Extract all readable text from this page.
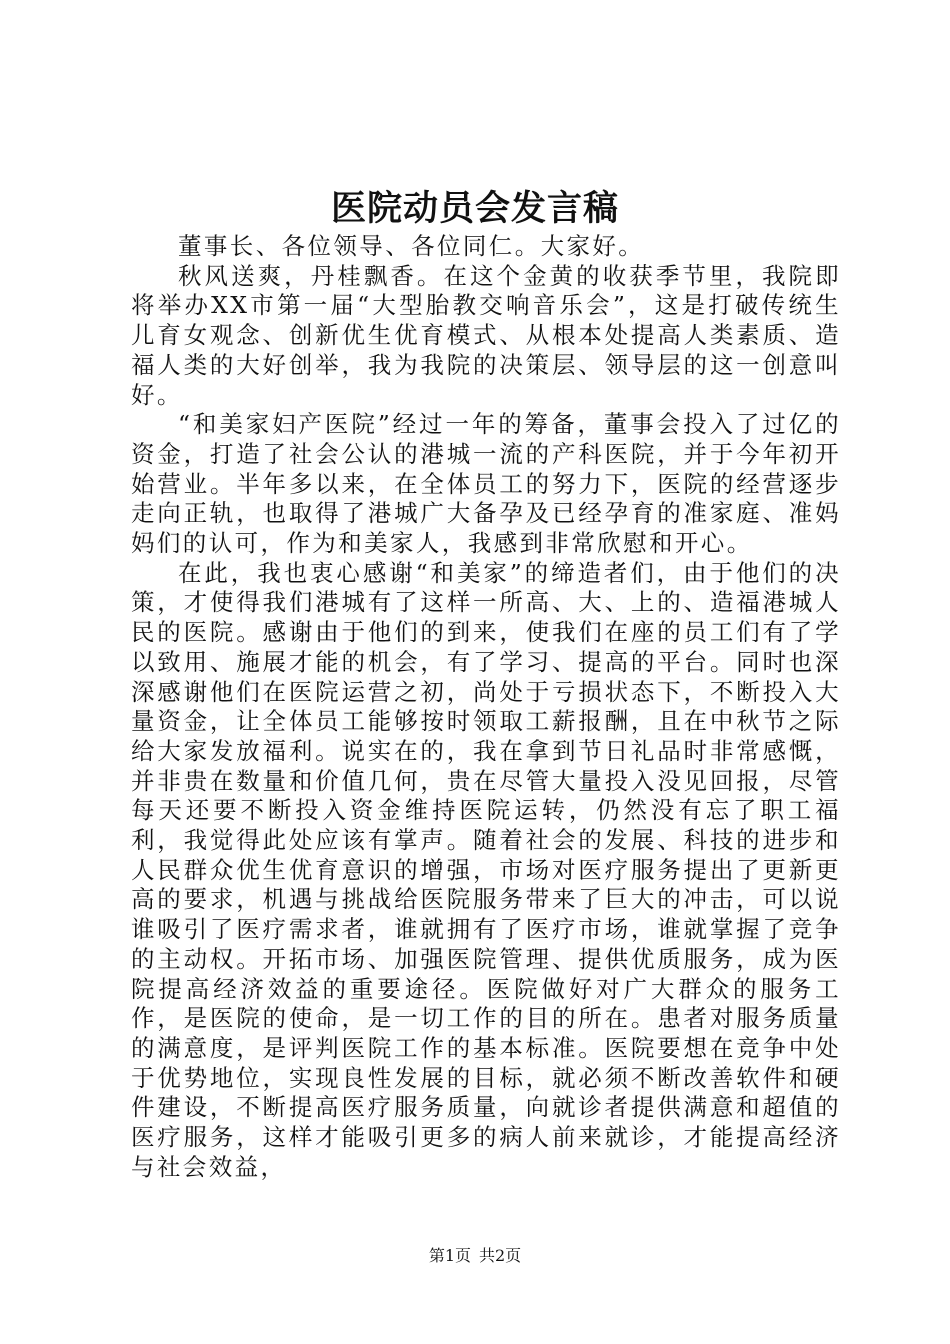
医院动员会发言稿

董事长、各位领导、各位同仁。大家好。

秋风送爽，丹桂飘香。在这个金黄的收获季节里，我院即将举办XX市第一届“大型胎教交响音乐会”，这是打破传统生儿育女观念、创新优生优育模式、从根本处提高人类素质、造福人类的大好创举，我为我院的决策层、领导层的这一创意叫好。

“和美家妇产医院”经过一年的筹备，董事会投入了过亿的资金，打造了社会公认的港城一流的产科医院，并于今年初开始营业。半年多以来，在全体员工的努力下，医院的经营逐步走向正轨，也取得了港城广大备孕及已经孕育的准家庭、准妈妈们的认可，作为和美家人，我感到非常欣慰和开心。

在此，我也衷心感谢“和美家”的缔造者们，由于他们的决策，才使得我们港城有了这样一所高、大、上的、造福港城人民的医院。感谢由于他们的到来，使我们在座的员工们有了学以致用、施展才能的机会，有了学习、提高的平台。同时也深深感谢他们在医院运营之初，尚处于亏损状态下，不断投入大量资金，让全体员工能够按时领取工薪报酬，且在中秋节之际给大家发放福利。说实在的，我在拿到节日礼品时非常感慨，并非贵在数量和价值几何，贵在尽管大量投入没见回报，尽管每天还要不断投入资金维持医院运转，仍然没有忘了职工福利，我觉得此处应该有掌声。随着社会的发展、科技的进步和人民群众优生优育意识的增强，市场对医疗服务提出了更新更高的要求，机遇与挑战给医院服务带来了巨大的冲击，可以说谁吸引了医疗需求者，谁就拥有了医疗市场，谁就掌握了竞争的主动权。开拓市场、加强医院管理、提供优质服务，成为医院提高经济效益的重要途径。医院做好对广大群众的服务工作，是医院的使命，是一切工作的目的所在。患者对服务质量的满意度，是评判医院工作的基本标准。医院要想在竞争中处于优势地位，实现良性发展的目标，就必须不断改善软件和硬件建设，不断提高医疗服务质量，向就诊者提供满意和超值的医疗服务，这样才能吸引更多的病人前来就诊，才能提高经济与社会效益，

第1页 共2页
